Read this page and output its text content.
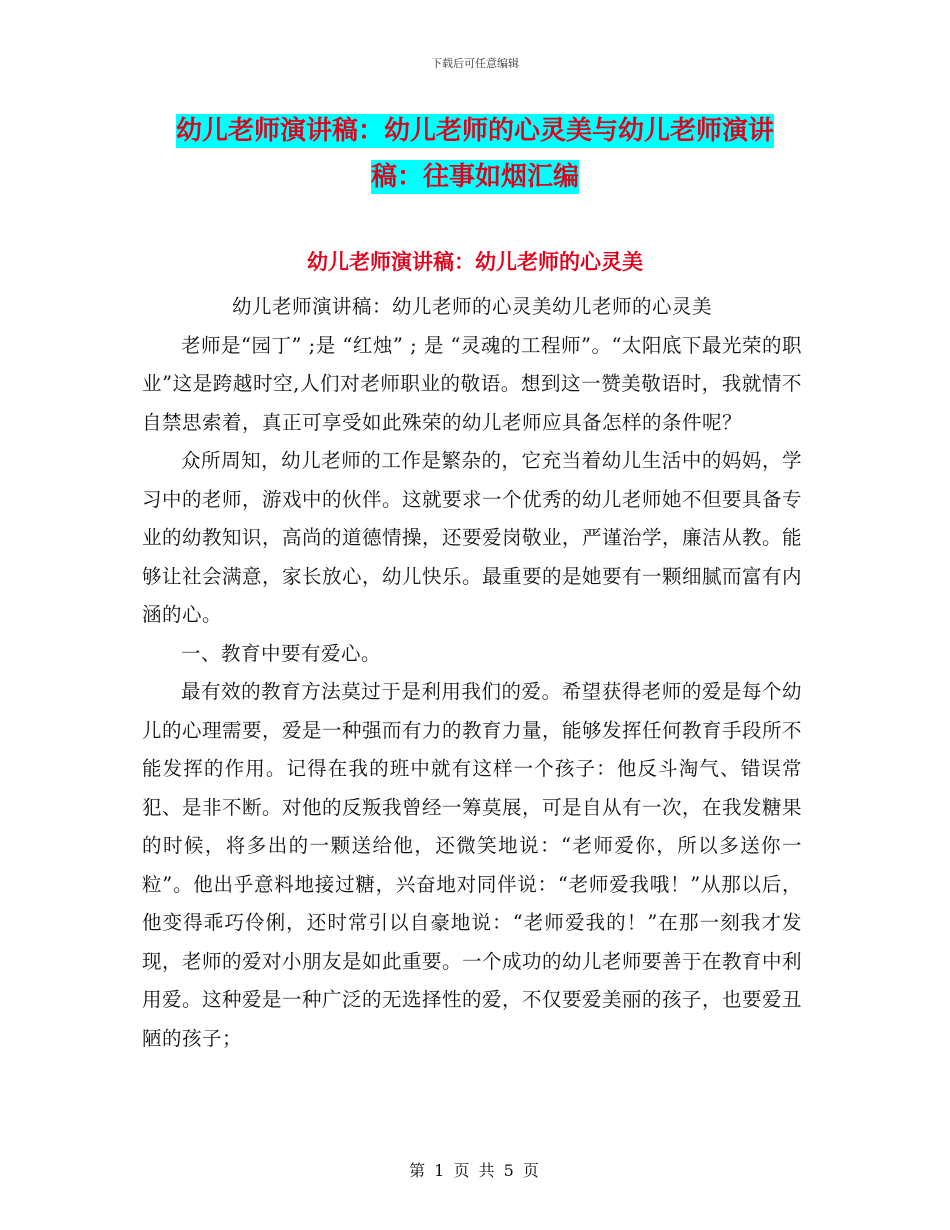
下载后可任意编辑
幼儿老师演讲稿：幼儿老师的心灵美与幼儿老师演讲
稿：往事如烟汇编
幼儿老师演讲稿：幼儿老师的心灵美

幼儿老师演讲稿：幼儿老师的心灵美幼儿老师的心灵美

老师是“园丁” ;是 “红烛” ; 是 “灵魂的工程师”。“太阳底下最光荣的职业”这是跨越时空,人们对老师职业的敬语。想到这一赞美敬语时，我就情不自禁思索着，真正可享受如此殊荣的幼儿老师应具备怎样的条件呢？

众所周知，幼儿老师的工作是繁杂的，它充当着幼儿生活中的妈妈，学习中的老师，游戏中的伙伴。这就要求一个优秀的幼儿老师她不但要具备专业的幼教知识，高尚的道德情操，还要爱岗敬业，严谨治学，廉洁从教。能够让社会满意，家长放心，幼儿快乐。最重要的是她要有一颗细腻而富有内涵的心。

一、教育中要有爱心。

最有效的教育方法莫过于是利用我们的爱。希望获得老师的爱是每个幼儿的心理需要，爱是一种强而有力的教育力量，能够发挥任何教育手段所不能发挥的作用。记得在我的班中就有这样一个孩子：他反斗淘气、错误常犯、是非不断。对他的反叛我曾经一筹莫展，可是自从有一次，在我发糖果的时候，将多出的一颗送给他，还微笑地说：“老师爱你，所以多送你一粒”。他出乎意料地接过糖，兴奋地对同伴说：“老师爱我哦！”从那以后，他变得乖巧伶俐，还时常引以自豪地说：“老师爱我的！”在那一刻我才发现，老师的爱对小朋友是如此重要。一个成功的幼儿老师要善于在教育中利用爱。这种爱是一种广泛的无选择性的爱，不仅要爱美丽的孩子，也要爱丑陋的孩子；

第 1 页 共 5 页
